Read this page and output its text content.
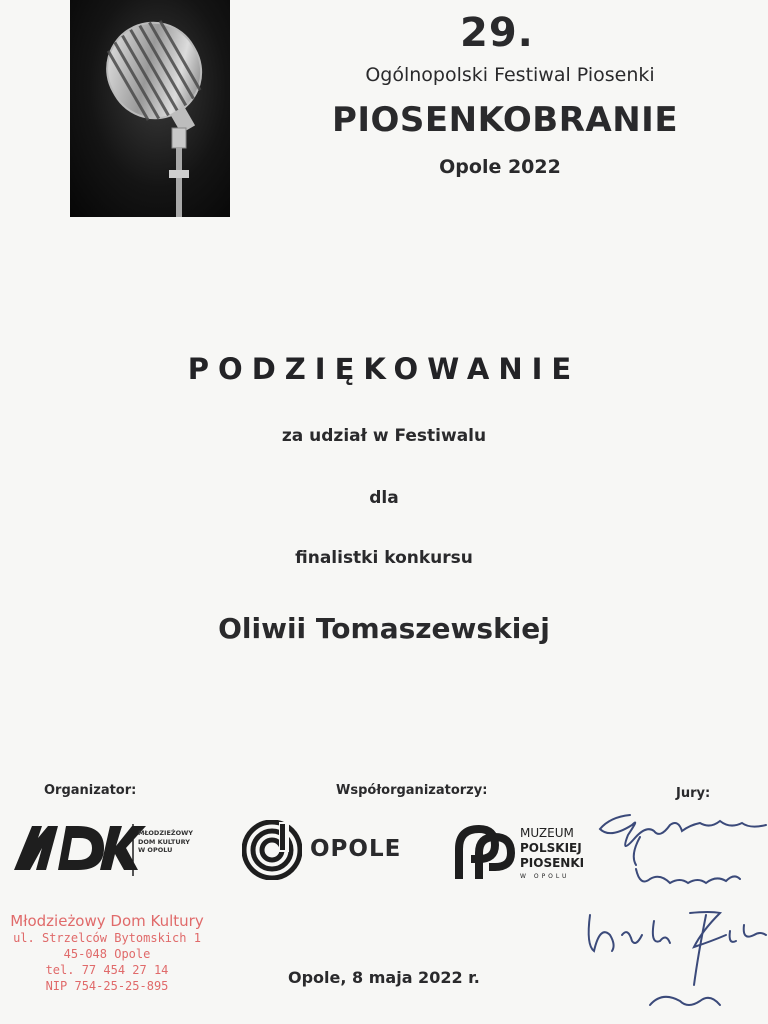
29.
Ogólnopolski Festiwal Piosenki
PIOSENKOBRANIE
Opole 2022
PODZIĘKOWANIE
za udział w Festiwalu
dla
finalistki konkursu
Oliwii Tomaszewskiej
Organizator:	Współorganizatorzy:	Jury:
MŁODZIEŻOWY
DOM KULTURY
W OPOLU	OPOLE
MUZEUM
POLSKIEJ
PIOSENKI
W OPOLU
Młodzieżowy Dom Kultury
ul. Strzelców Bytomskich 1
45-048 Opole
tel. 77 454 27 14
NIP 754-25-25-895	Opole, 8 maja 2022 r.
